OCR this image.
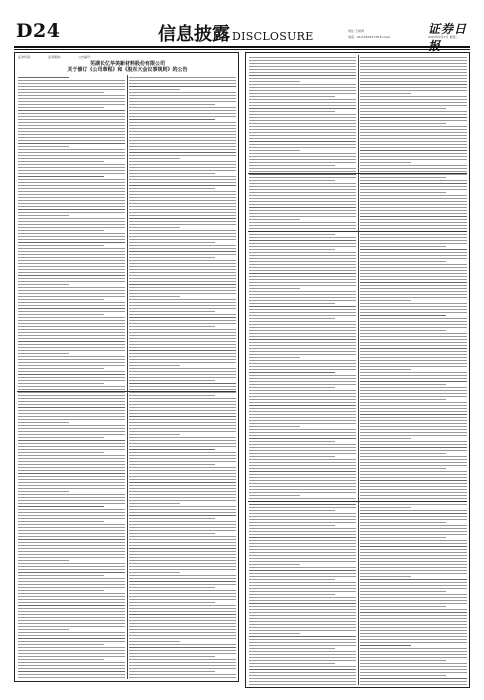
D24	信息披露 DISCLOSURE	责任 王杨青
电话：010-65327778 E-mail:
证券日
2023年3月7日 星期二
证券代码：	证券简称：	公告编号：
芜湖长亿华美新材料股份有限公司
关于修订《公司章程》和《股东大会议事规则》的公告
